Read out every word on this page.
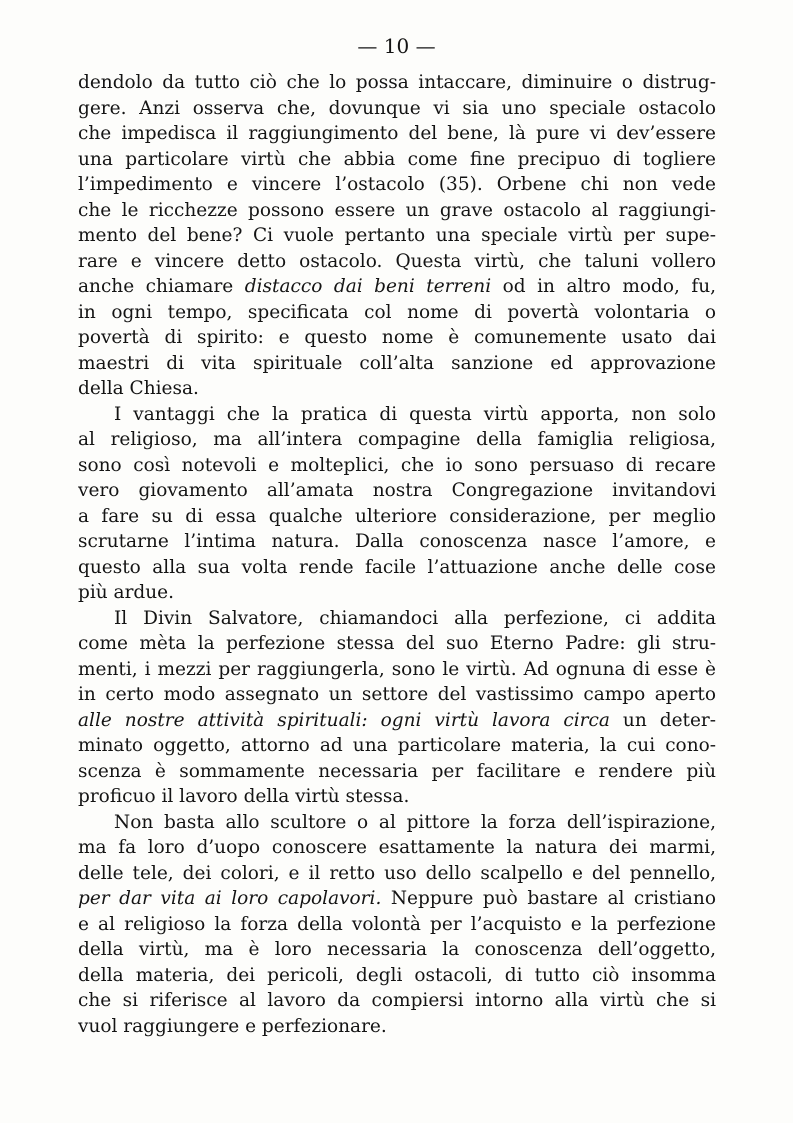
— 10 —
dendolo da tutto ciò che lo possa intaccare, diminuire o distrug-
gere. Anzi osserva che, dovunque vi sia uno speciale ostacolo
che impedisca il raggiungimento del bene, là pure vi dev’essere
una particolare virtù che abbia come fine precipuo di togliere
l’impedimento e vincere l’ostacolo (35). Orbene chi non vede
che le ricchezze possono essere un grave ostacolo al raggiungi-
mento del bene? Ci vuole pertanto una speciale virtù per supe-
rare e vincere detto ostacolo. Questa virtù, che taluni vollero
anche chiamare distacco dai beni terreni od in altro modo, fu,
in ogni tempo, specificata col nome di povertà volontaria o
povertà di spirito: e questo nome è comunemente usato dai
maestri di vita spirituale coll’alta sanzione ed approvazione
della Chiesa.
I vantaggi che la pratica di questa virtù apporta, non solo
al religioso, ma all’intera compagine della famiglia religiosa,
sono così notevoli e molteplici, che io sono persuaso di recare
vero giovamento all’amata nostra Congregazione invitandovi
a fare su di essa qualche ulteriore considerazione, per meglio
scrutarne l’intima natura. Dalla conoscenza nasce l’amore, e
questo alla sua volta rende facile l’attuazione anche delle cose
più ardue.
Il Divin Salvatore, chiamandoci alla perfezione, ci addita
come mèta la perfezione stessa del suo Eterno Padre: gli stru-
menti, i mezzi per raggiungerla, sono le virtù. Ad ognuna di esse è
in certo modo assegnato un settore del vastissimo campo aperto
alle nostre attività spirituali: ogni virtù lavora circa un deter-
minato oggetto, attorno ad una particolare materia, la cui cono-
scenza è sommamente necessaria per facilitare e rendere più
proficuo il lavoro della virtù stessa.
Non basta allo scultore o al pittore la forza dell’ispirazione,
ma fa loro d’uopo conoscere esattamente la natura dei marmi,
delle tele, dei colori, e il retto uso dello scalpello e del pennello,
per dar vita ai loro capolavori. Neppure può bastare al cristiano
e al religioso la forza della volontà per l’acquisto e la perfezione
della virtù, ma è loro necessaria la conoscenza dell’oggetto,
della materia, dei pericoli, degli ostacoli, di tutto ciò insomma
che si riferisce al lavoro da compiersi intorno alla virtù che si
vuol raggiungere e perfezionare.
